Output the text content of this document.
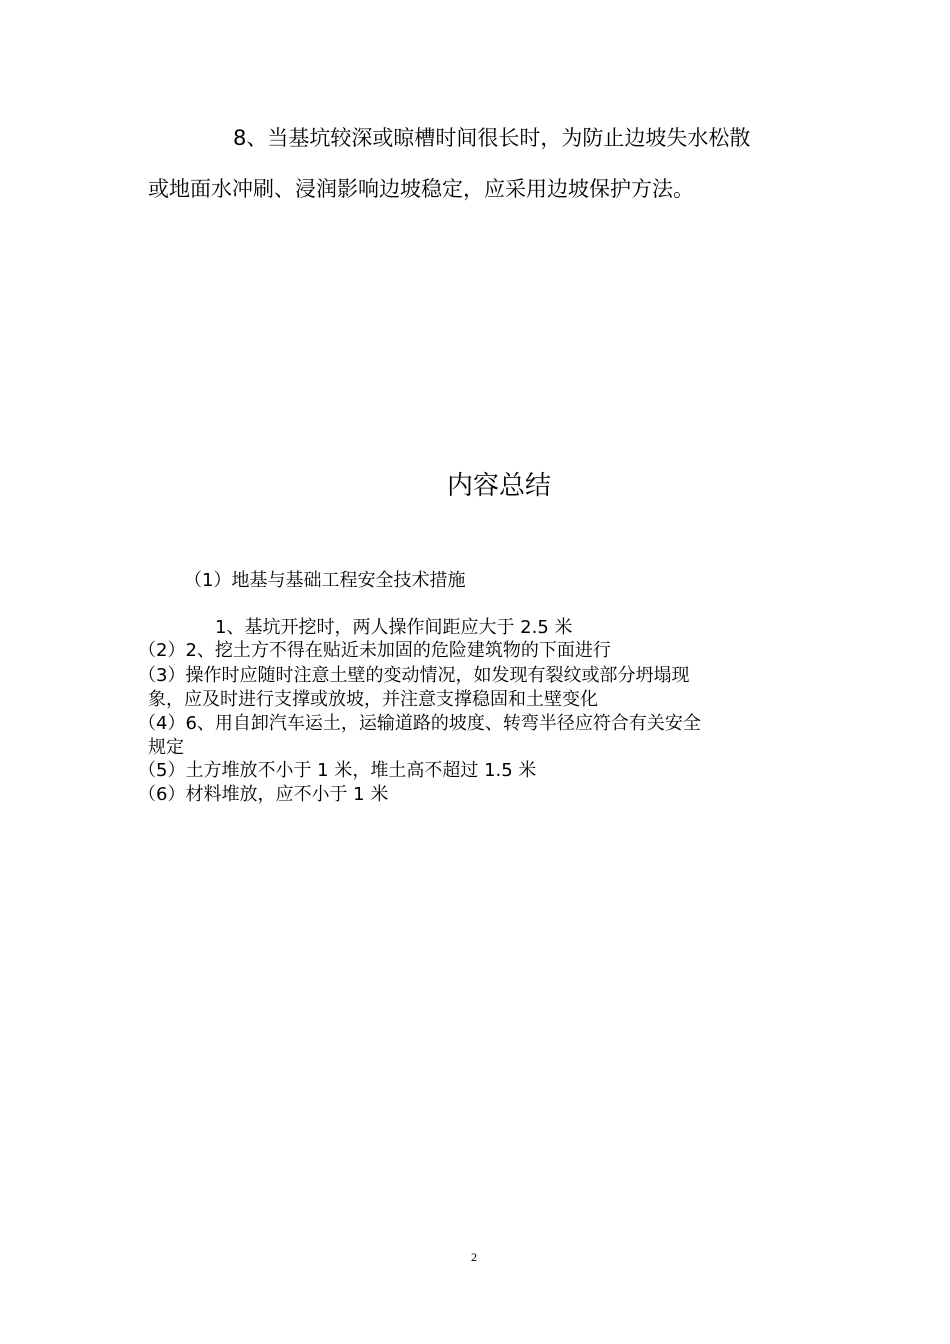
8、当基坑较深或晾槽时间很长时，为防止边坡失水松散

或地面水冲刷、浸润影响边坡稳定，应采用边坡保护方法。

内容总结

（1）地基与基础工程安全技术措施

1、基坑开挖时，两人操作间距应大于 2.5 米

（2）2、挖土方不得在贴近未加固的危险建筑物的下面进行

（3）操作时应随时注意土壁的变动情况，如发现有裂纹或部分坍塌现

象，应及时进行支撑或放坡，并注意支撑稳固和土壁变化

（4）6、用自卸汽车运土，运输道路的坡度、转弯半径应符合有关安全

规定

（5）土方堆放不小于 1 米，堆土高不超过 1.5 米

（6）材料堆放，应不小于 1 米

2
